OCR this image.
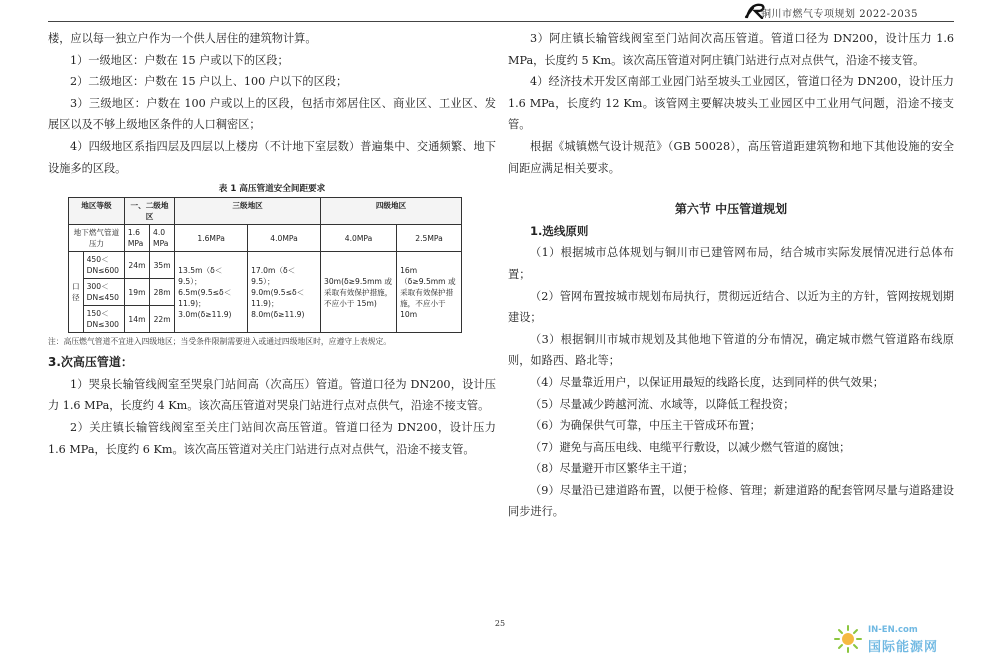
铜川市燃气专项规划 2022-2035
楼，应以每一独立户作为一个供人居住的建筑物计算。
1）一级地区：户数在 15 户或以下的区段；
2）二级地区：户数在 15 户以上、100 户以下的区段；
3）三级地区：户数在 100 户或以上的区段，包括市郊居住区、商业区、工业区、发展区以及不够上级地区条件的人口稠密区；
4）四级地区系指四层及四层以上楼房（不计地下室层数）普遍集中、交通频繁、地下设施多的区段。
表 1 高压管道安全间距要求
地区等级		一、二级地区		三级地区		四级地区	
地下燃气管道压力		1.6 MPa	4.0 MPa	1.6MPa	4.0MPa	4.0MPa	2.5MPa
口径	450＜DN≤600	24m	35m	13.5m（δ＜9.5）；6.5m(9.5≤δ＜11.9)；3.0m(δ≥11.9)	17.0m（δ＜9.5）；9.0m(9.5≤δ＜11.9)；8.0m(δ≥11.9)	30m(δ≥9.5mm 或采取有效保护措施，不应小于 15m)	16m（δ≥9.5mm 或采取有效保护措施，不应小于 10m
	300＜DN≤450	19m	28m				
	150＜DN≤300	14m	22m				
注：高压燃气管道不宜进入四级地区；当受条件限制需要进入或通过四级地区时，应遵守上表规定。
3.次高压管道：
1）哭泉长输管线阀室至哭泉门站间高（次高压）管道。管道口径为 DN200，设计压力 1.6 MPa，长度约 4 Km。该次高压管道对哭泉门站进行点对点供气，沿途不接支管。
2）关庄镇长输管线阀室至关庄门站间次高压管道。管道口径为 DN200，设计压力 1.6 MPa，长度约 6 Km。该次高压管道对关庄门站进行点对点供气，沿途不接支管。
3）阿庄镇长输管线阀室至门站间次高压管道。管道口径为 DN200，设计压力 1.6 MPa，长度约 5 Km。该次高压管道对阿庄镇门站进行点对点供气，沿途不接支管。
4）经济技术开发区南部工业园门站至坡头工业园区，管道口径为 DN200，设计压力 1.6 MPa，长度约 12 Km。该管网主要解决坡头工业园区中工业用气问题，沿途不接支管。
根据《城镇燃气设计规范》（GB 50028），高压管道距建筑物和地下其他设施的安全间距应满足相关要求。
第六节 中压管道规划
1.选线原则
（1）根据城市总体规划与铜川市已建管网布局，结合城市实际发展情况进行总体布置；
（2）管网布置按城市规划布局执行，贯彻远近结合、以近为主的方针，管网按规划期建设；
（3）根据铜川市城市规划及其他地下管道的分布情况，确定城市燃气管道路布线原则，如路西、路北等；
（4）尽量靠近用户，以保证用最短的线路长度，达到同样的供气效果；
（5）尽量减少跨越河流、水域等，以降低工程投资；
（6）为确保供气可靠，中压主干管成环布置；
（7）避免与高压电线、电缆平行敷设，以减少燃气管道的腐蚀；
（8）尽量避开市区繁华主干道；
（9）尽量沿已建道路布置，以便于检修、管理；新建道路的配套管网尽量与道路建设同步进行。
25
IN-EN.com
国际能源网
